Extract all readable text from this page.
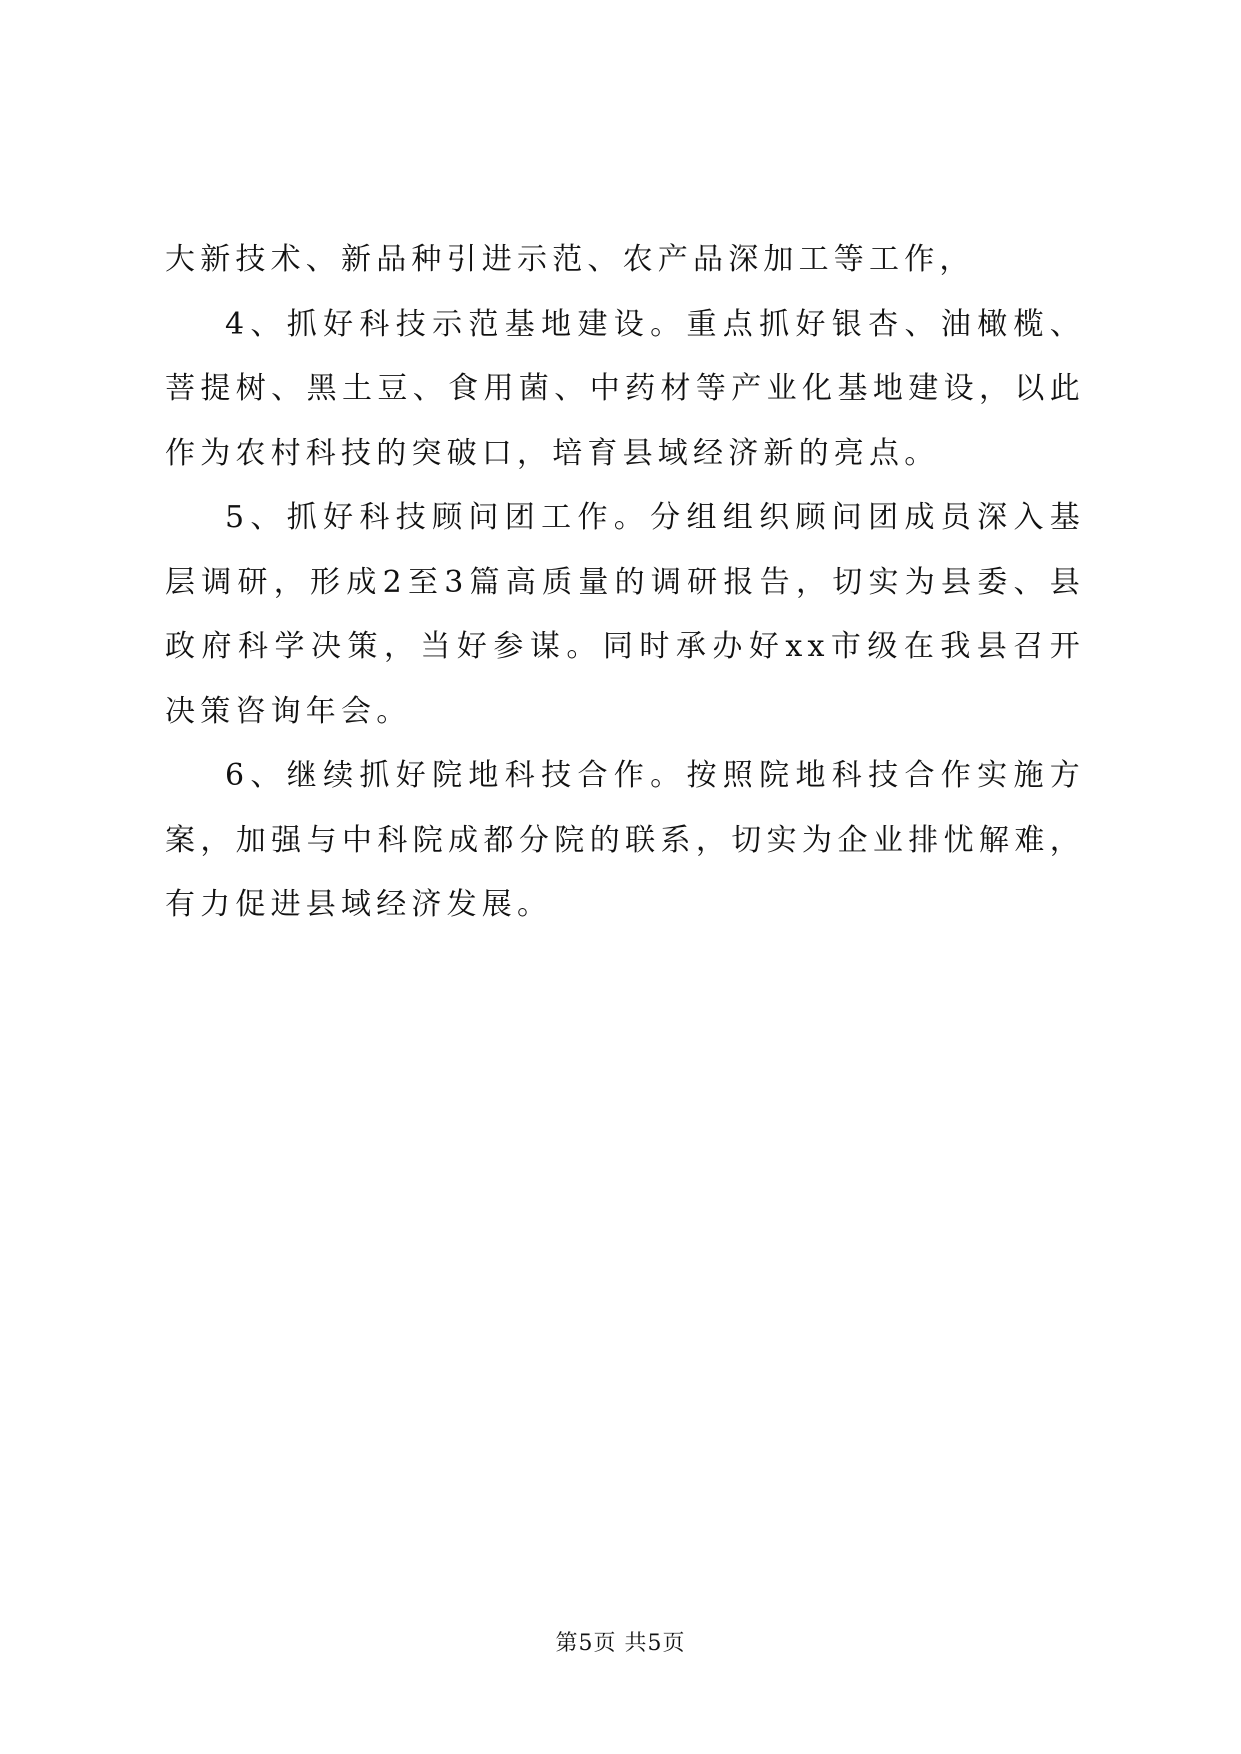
大新技术、新品种引进示范、农产品深加工等工作，

4、抓好科技示范基地建设。重点抓好银杏、油橄榄、菩提树、黑土豆、食用菌、中药材等产业化基地建设，以此作为农村科技的突破口，培育县域经济新的亮点。

5、抓好科技顾问团工作。分组组织顾问团成员深入基层调研，形成2至3篇高质量的调研报告，切实为县委、县政府科学决策，当好参谋。同时承办好xx市级在我县召开决策咨询年会。

6、继续抓好院地科技合作。按照院地科技合作实施方案，加强与中科院成都分院的联系，切实为企业排忧解难，有力促进县域经济发展。

第5页 共5页
